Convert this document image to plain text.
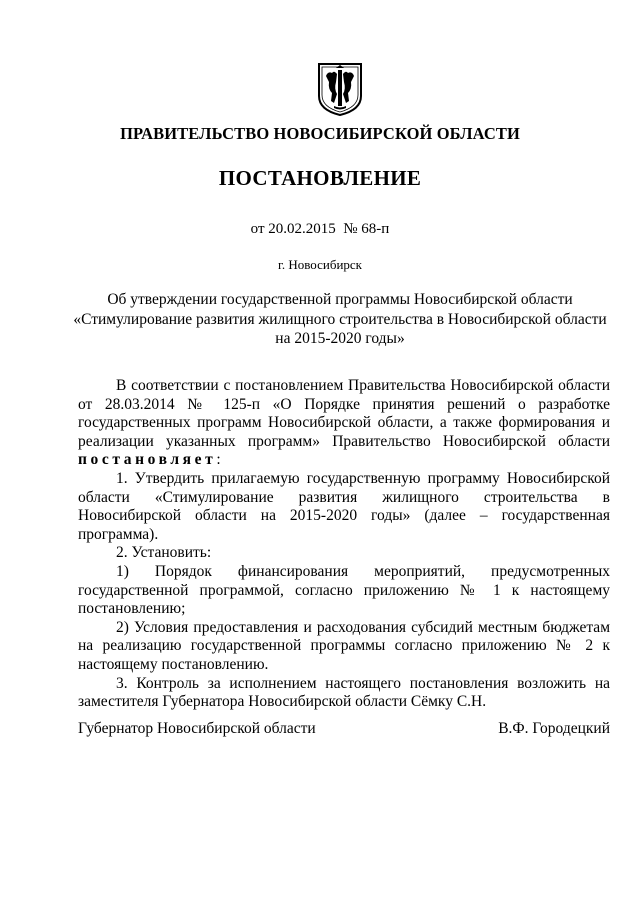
ПРАВИТЕЛЬСТВО НОВОСИБИРСКОЙ ОБЛАСТИ
ПОСТАНОВЛЕНИЕ
от 20.02.2015  № 68-п
г. Новосибирск
Об утверждении государственной программы Новосибирской области
«Стимулирование развития жилищного строительства в Новосибирской области
на 2015-2020 годы»

В соответствии с постановлением Правительства Новосибирской области от 28.03.2014 № 125-п «О Порядке принятия решений о разработке государственных программ Новосибирской области, а также формирования и реализации указанных программ» Правительство Новосибирской области

постановляет:

1. Утвердить прилагаемую государственную программу Новосибирской области «Стимулирование развития жилищного строительства в Новосибирской области на 2015-2020 годы» (далее – государственная программа).

2. Установить:

1) Порядок финансирования мероприятий, предусмотренных государственной программой, согласно приложению № 1 к настоящему постановлению;

2) Условия предоставления и расходования субсидий местным бюджетам на реализацию государственной программы согласно приложению № 2 к настоящему постановлению.

3. Контроль за исполнением настоящего постановления возложить на заместителя Губернатора Новосибирской области Сёмку С.Н.

Губернатор Новосибирской области	В.Ф. Городецкий
